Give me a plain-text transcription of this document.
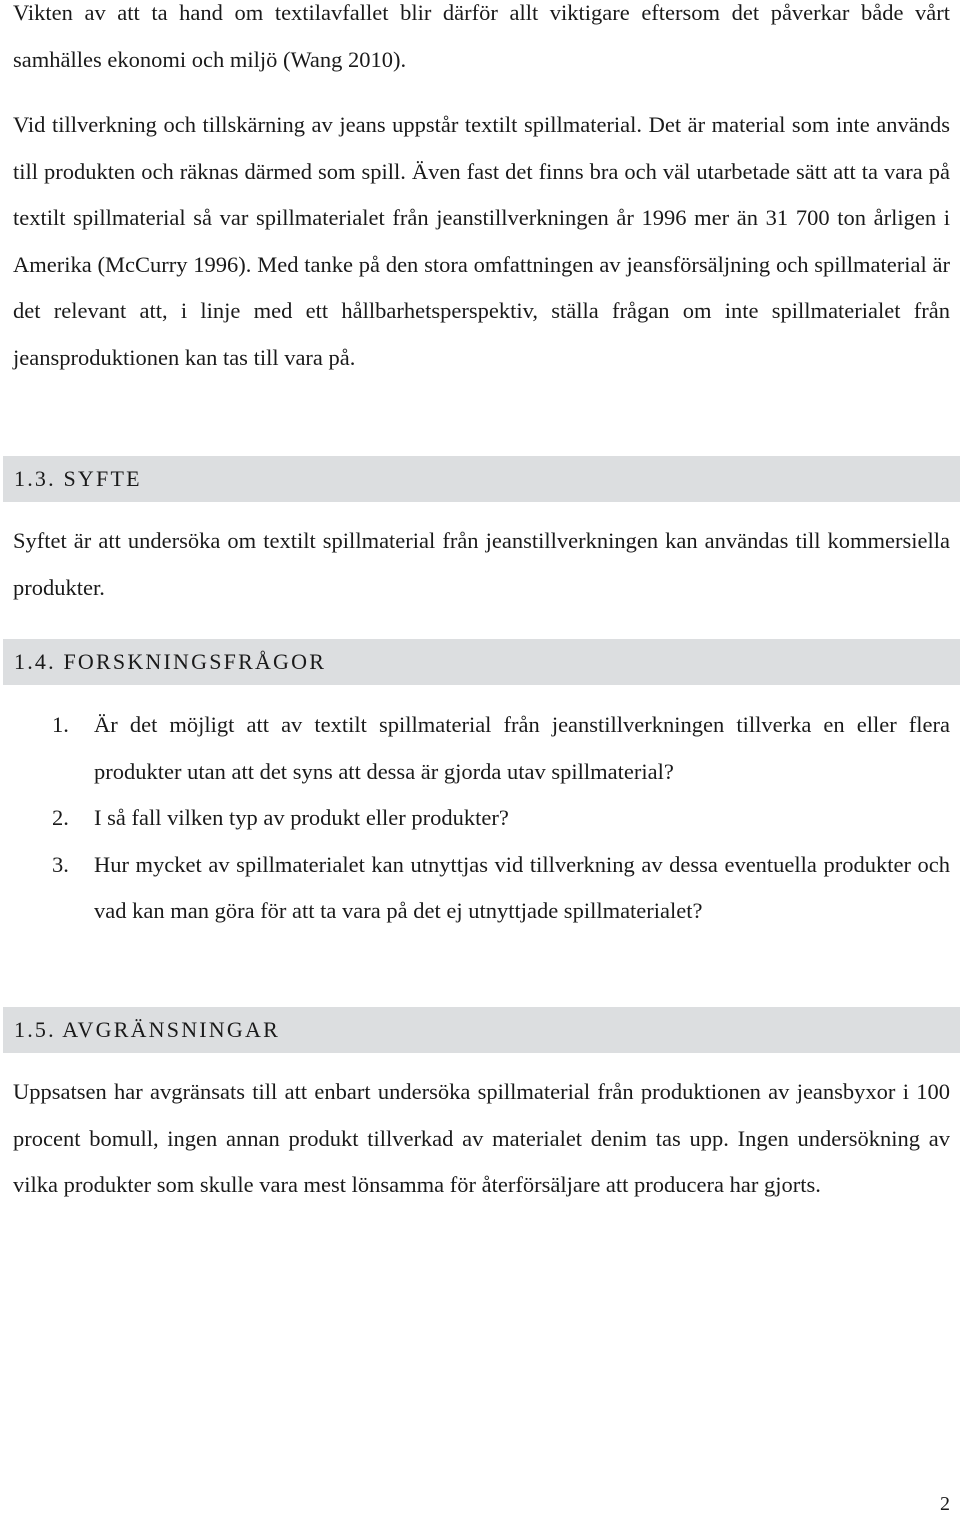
Vikten av att ta hand om textilavfallet blir därför allt viktigare eftersom det påverkar både vårt samhälles ekonomi och miljö (Wang 2010).

Vid tillverkning och tillskärning av jeans uppstår textilt spillmaterial. Det är material som inte används till produkten och räknas därmed som spill. Även fast det finns bra och väl utarbetade sätt att ta vara på textilt spillmaterial så var spillmaterialet från jeanstillverkningen år 1996 mer än 31 700 ton årligen i Amerika (McCurry 1996). Med tanke på den stora omfattningen av jeansförsäljning och spillmaterial är det relevant att, i linje med ett hållbarhetsperspektiv, ställa frågan om inte spillmaterialet från jeansproduktionen kan tas till vara på.

1.3. SYFTE

Syftet är att undersöka om textilt spillmaterial från jeanstillverkningen kan användas till kommersiella produkter.

1.4. FORSKNINGSFRÅGOR
1.	Är det möjligt att av textilt spillmaterial från jeanstillverkningen tillverka en eller flera produkter utan att det syns att dessa är gjorda utav spillmaterial?
2.	I så fall vilken typ av produkt eller produkter?
3.	Hur mycket av spillmaterialet kan utnyttjas vid tillverkning av dessa eventuella produkter och vad kan man göra för att ta vara på det ej utnyttjade spillmaterialet?
1.5. AVGRÄNSNINGAR

Uppsatsen har avgränsats till att enbart undersöka spillmaterial från produktionen av jeansbyxor i 100 procent bomull, ingen annan produkt tillverkad av materialet denim tas upp. Ingen undersökning av vilka produkter som skulle vara mest lönsamma för återförsäljare att producera har gjorts.

2
